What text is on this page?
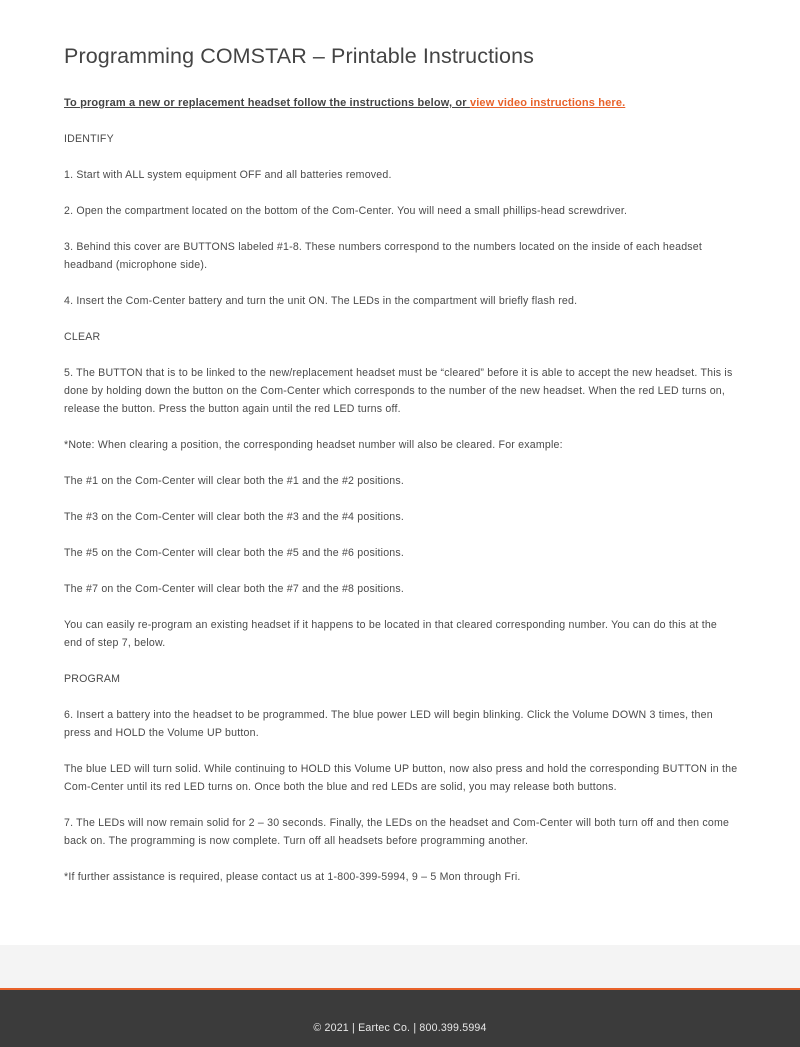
Programming COMSTAR – Printable Instructions
To program a new or replacement headset follow the instructions below, or view video instructions here.

IDENTIFY

1. Start with ALL system equipment OFF and all batteries removed.

2. Open the compartment located on the bottom of the Com-Center. You will need a small phillips-head screwdriver.

3. Behind this cover are BUTTONS labeled #1-8. These numbers correspond to the numbers located on the inside of each headset headband (microphone side).

4. Insert the Com-Center battery and turn the unit ON. The LEDs in the compartment will briefly flash red.

CLEAR

5. The BUTTON that is to be linked to the new/replacement headset must be “cleared” before it is able to accept the new headset. This is done by holding down the button on the Com-Center which corresponds to the number of the new headset. When the red LED turns on, release the button. Press the button again until the red LED turns off.

*Note: When clearing a position, the corresponding headset number will also be cleared. For example:

The #1 on the Com-Center will clear both the #1 and the #2 positions.

The #3 on the Com-Center will clear both the #3 and the #4 positions.

The #5 on the Com-Center will clear both the #5 and the #6 positions.

The #7 on the Com-Center will clear both the #7 and the #8 positions.

You can easily re-program an existing headset if it happens to be located in that cleared corresponding number. You can do this at the end of step 7, below.

PROGRAM

6. Insert a battery into the headset to be programmed. The blue power LED will begin blinking. Click the Volume DOWN 3 times, then press and HOLD the Volume UP button.

The blue LED will turn solid. While continuing to HOLD this Volume UP button, now also press and hold the corresponding BUTTON in the Com-Center until its red LED turns on. Once both the blue and red LEDs are solid, you may release both buttons.

7. The LEDs will now remain solid for 2 – 30 seconds. Finally, the LEDs on the headset and Com-Center will both turn off and then come back on. The programming is now complete. Turn off all headsets before programming another.

*If further assistance is required, please contact us at 1-800-399-5994, 9 – 5 Mon through Fri.

© 2021 | Eartec Co. | 800.399.5994
